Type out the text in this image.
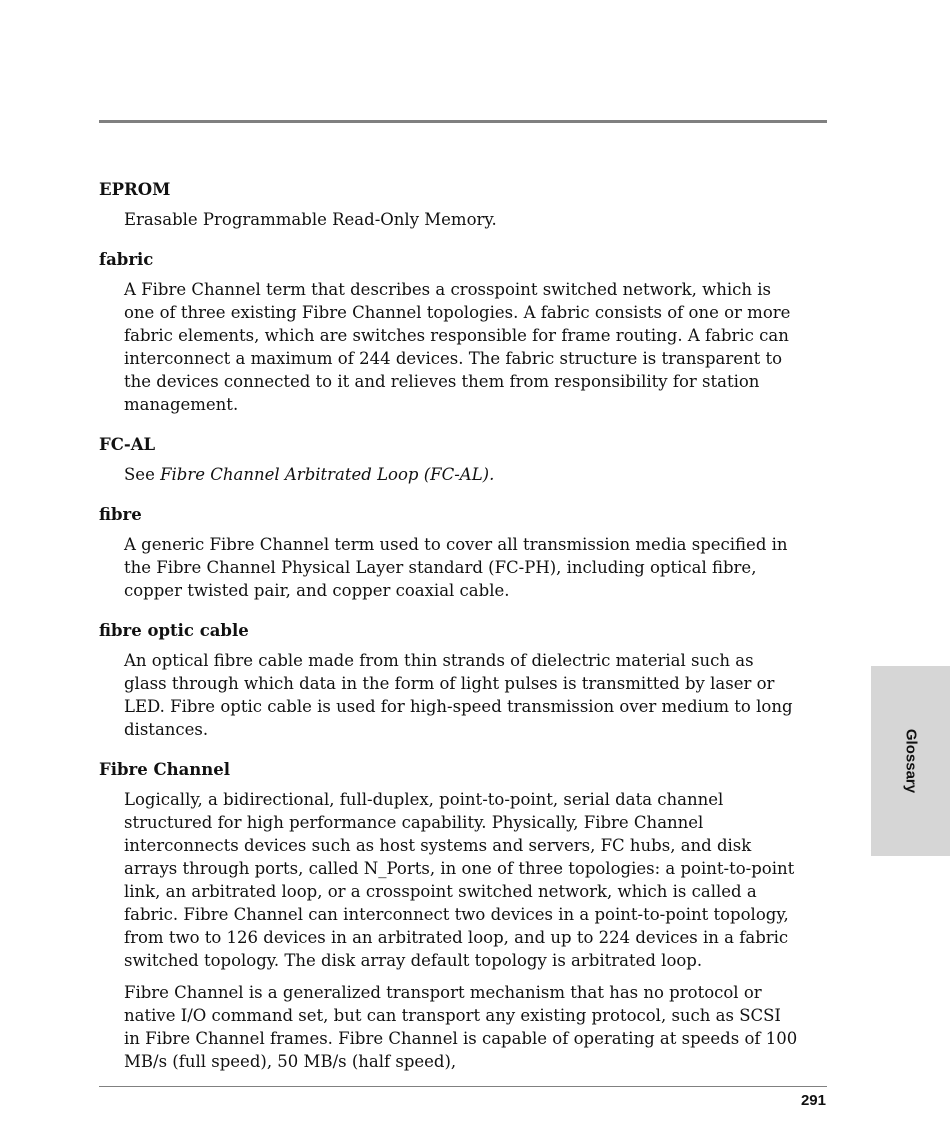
EPROM

Erasable Programmable Read-Only Memory.

fabric

A Fibre Channel term that describes a crosspoint switched network, which is one of three existing Fibre Channel topologies. A fabric consists of one or more fabric elements, which are switches responsible for frame routing. A fabric can interconnect a maximum of 244 devices. The fabric structure is transparent to the devices connected to it and relieves them from responsibility for station management.

FC-AL

See Fibre Channel Arbitrated Loop (FC-AL).

fibre

A generic Fibre Channel term used to cover all transmission media specified in the Fibre Channel Physical Layer standard (FC-PH), including optical fibre, copper twisted pair, and copper coaxial cable.

fibre optic cable

An optical fibre cable made from thin strands of dielectric material such as glass through which data in the form of light pulses is transmitted by laser or LED. Fibre optic cable is used for high-speed transmission over medium to long distances.

Fibre Channel

Logically, a bidirectional, full-duplex, point-to-point, serial data channel structured for high performance capability. Physically, Fibre Channel interconnects devices such as host systems and servers, FC hubs, and disk arrays through ports, called N_Ports, in one of three topologies: a point-to-point link, an arbitrated loop, or a crosspoint switched network, which is called a fabric. Fibre Channel can interconnect two devices in a point-to-point topology, from two to 126 devices in an arbitrated loop, and up to 224 devices in a fabric switched topology. The disk array default topology is arbitrated loop.

Fibre Channel is a generalized transport mechanism that has no protocol or native I/O command set, but can transport any existing protocol, such as SCSI in Fibre Channel frames. Fibre Channel is capable of operating at speeds of 100 MB/s (full speed), 50 MB/s (half speed),

Glossary
291
